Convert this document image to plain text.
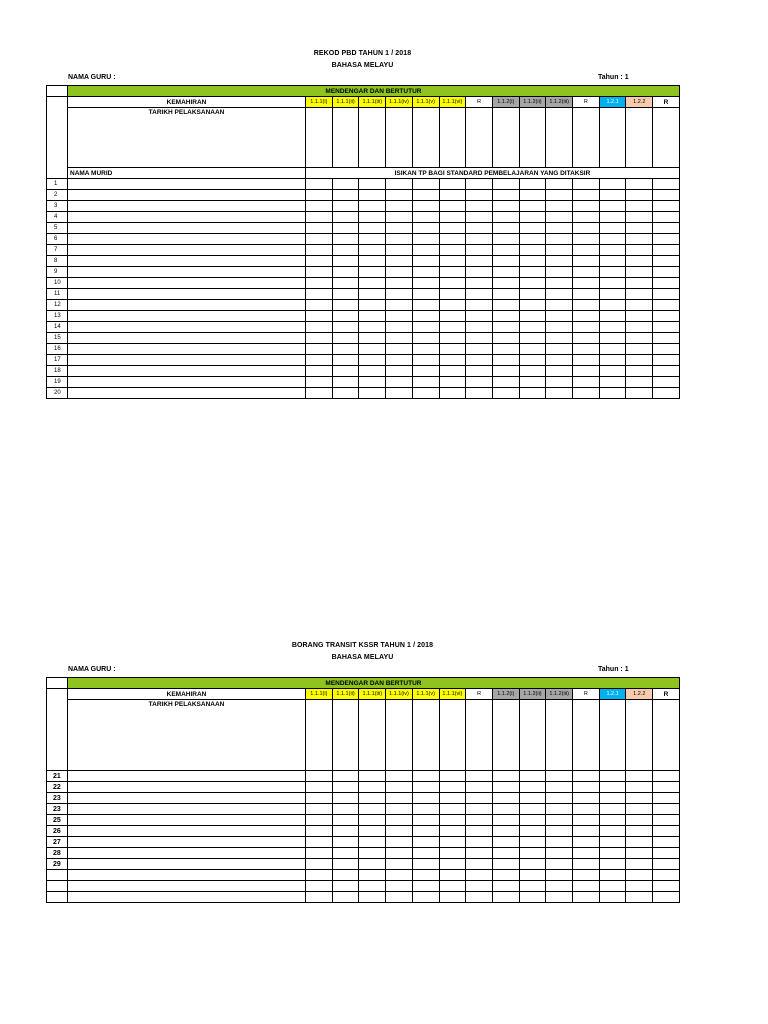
REKOD PBD TAHUN 1 / 2018
BAHASA MELAYU
NAMA GURU :	Tahun : 1
	MENDENGAR DAN BERTUTUR														
	KEMAHIRAN	1.1.1(i)	1.1.1(ii)	1.1.1(iii)	1.1.1(iv)	1.1.1(v)	1.1.1(vi)	R	1.1.2(i)	1.1.2(ii)	1.1.2(iii)	R	1.2.1	1.2.2	R
	TARIKH PELAKSANAAN														
	NAMA MURID	ISIKAN TP BAGI STANDARD PEMBELAJARAN YANG DITAKSIR													
1															
2															
3															
4															
5															
6															
7															
8															
9															
10															
11															
12															
13															
14															
15															
16															
17															
18															
19															
20															
BORANG TRANSIT KSSR TAHUN 1 / 2018
BAHASA MELAYU
NAMA GURU :	Tahun : 1
	MENDENGAR DAN BERTUTUR														
	KEMAHIRAN	1.1.1(i)	1.1.1(ii)	1.1.1(iii)	1.1.1(iv)	1.1.1(v)	1.1.1(vi)	R	1.1.2(i)	1.1.2(ii)	1.1.2(iii)	R	1.2.1	1.2.2	R
	TARIKH PELAKSANAAN														
21															
22															
23															
23															
25															
26															
27															
28															
29															
